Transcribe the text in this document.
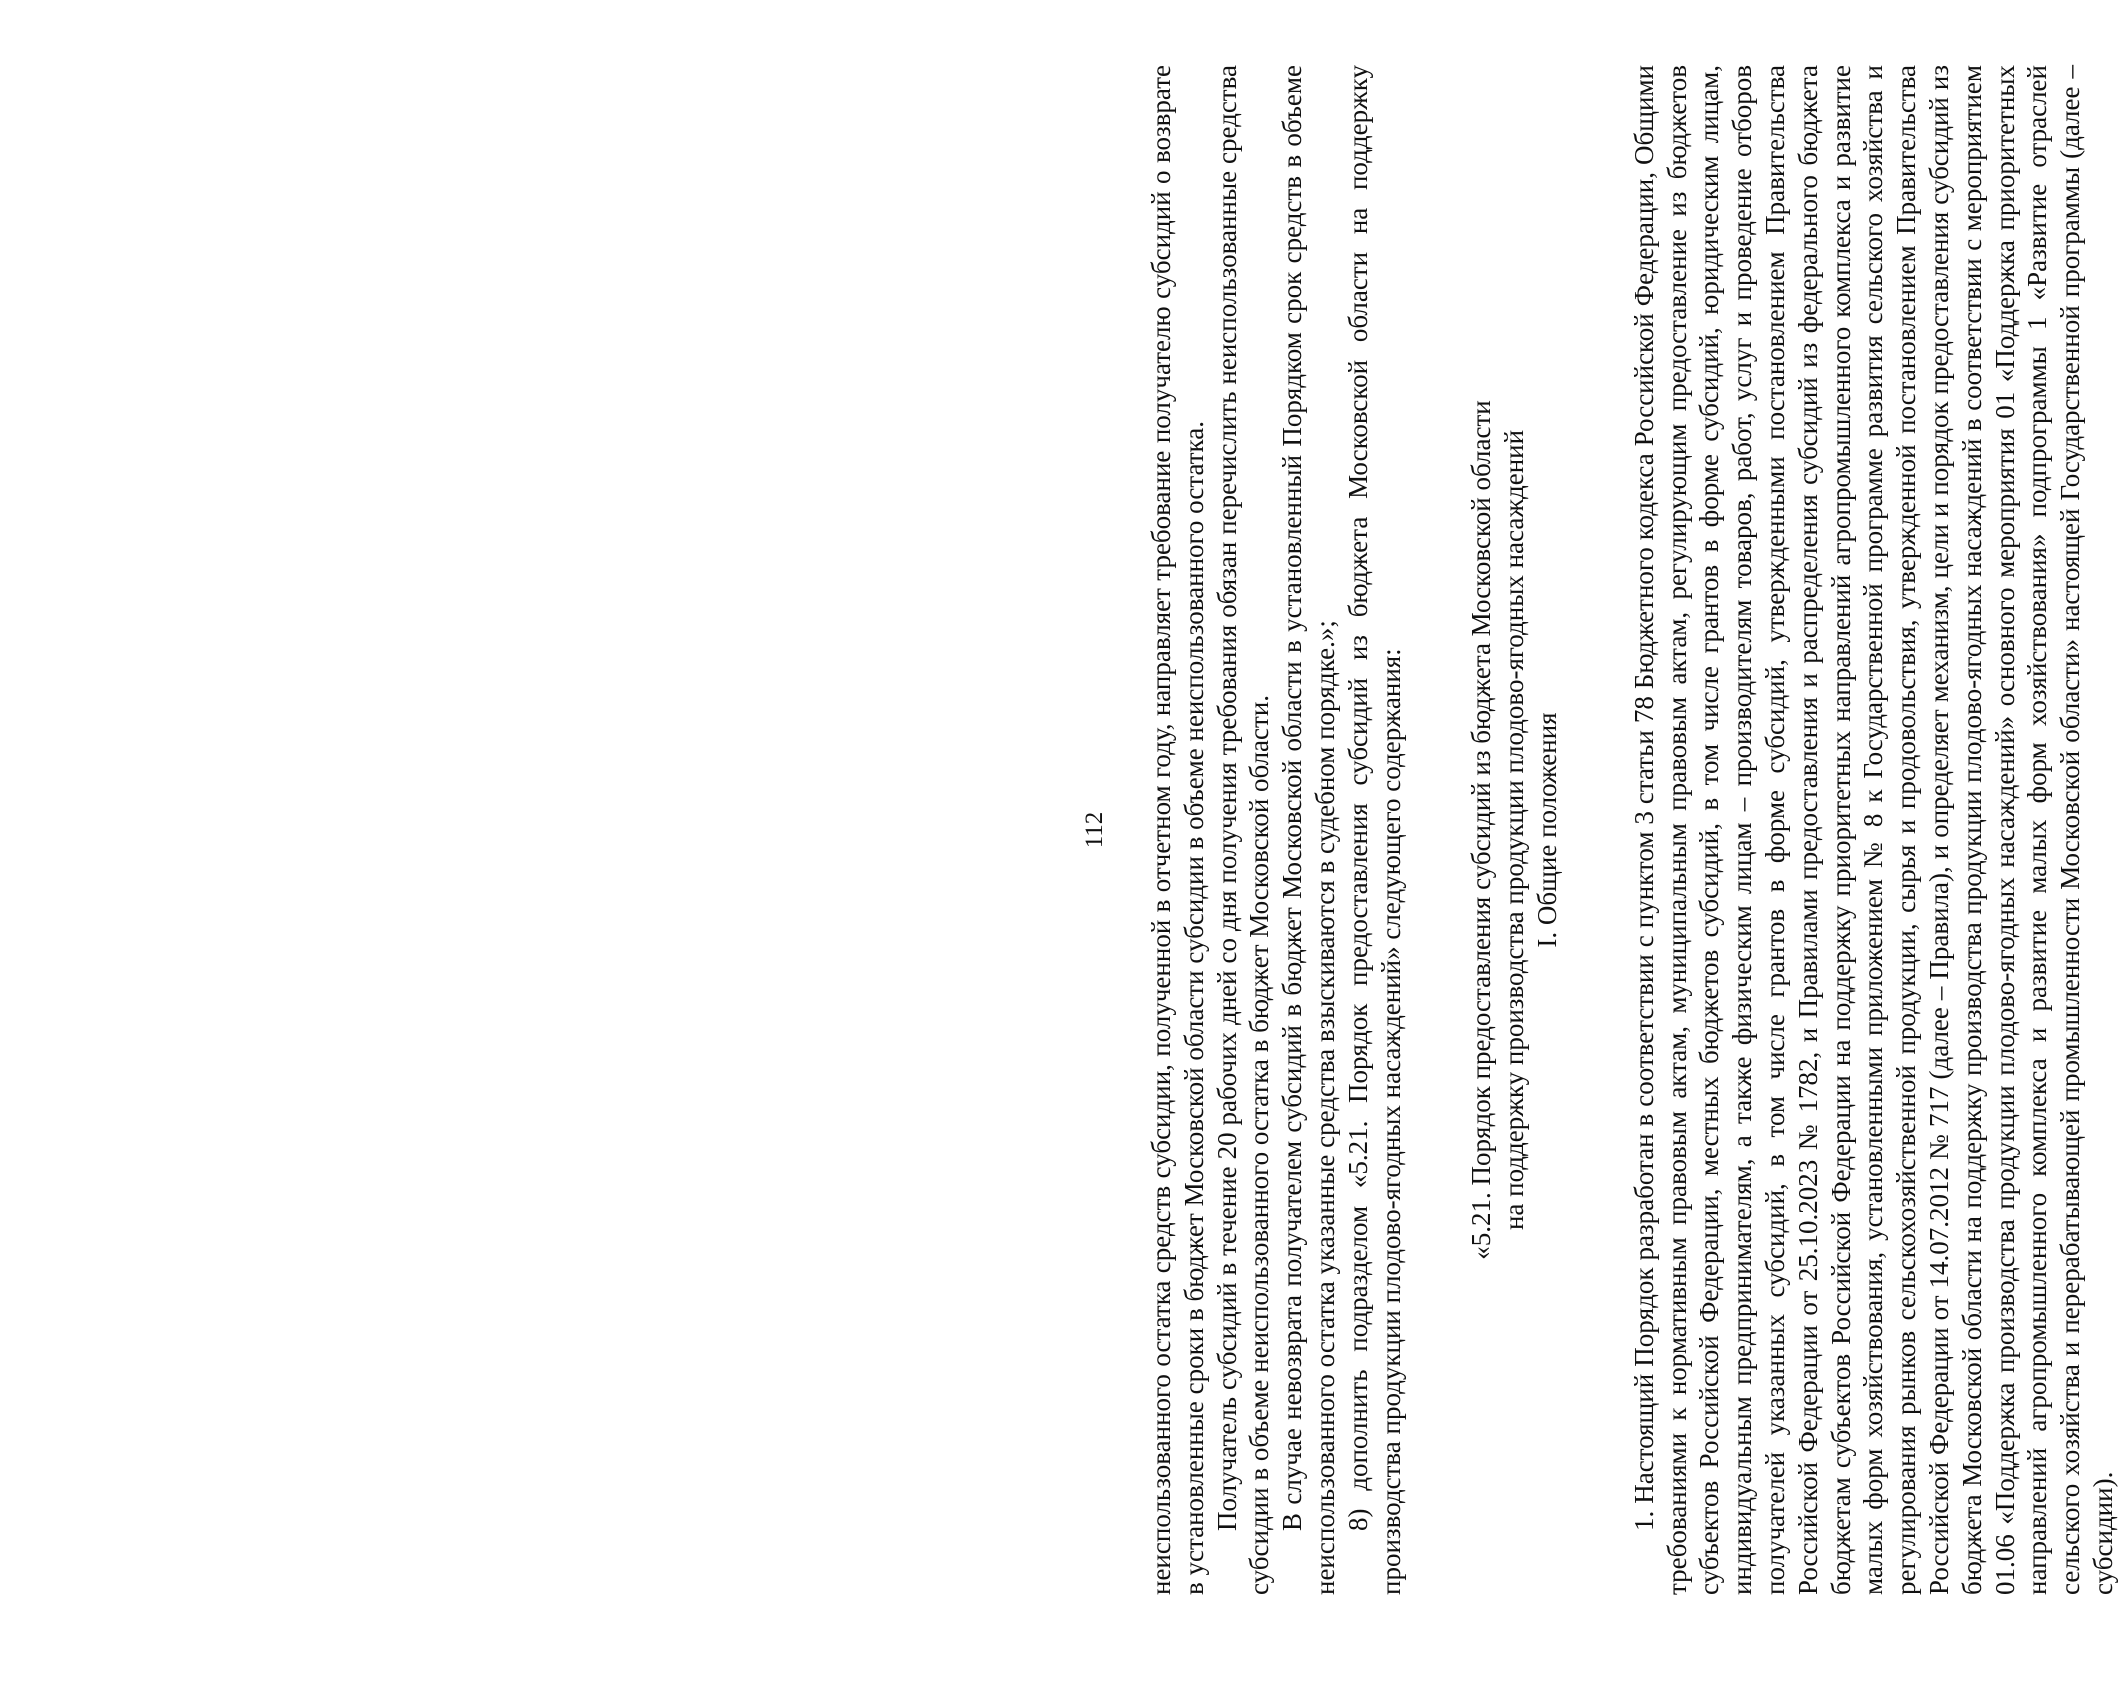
112 неиспользованного остатка средств субсидии, полученной в отчетном году, направляет требование получателю субсидий о возврате в установленные сроки в бюджет Московской области субсидии в объеме неиспользованного остатка. Получатель субсидий в течение 20 рабочих дней со дня получения требования обязан перечислить неиспользованные средства субсидии в объеме неиспользованного остатка в бюджет Московской области. В случае невозврата получателем субсидий в бюджет Московской области в установленный Порядком срок средств в объеме неиспользованного остатка указанные средства взыскиваются в судебном порядке.»; 8) дополнить подразделом «5.21. Порядок предоставления субсидий из бюджета Московской области на поддержку производства продукции плодово-ягодных насаждений» следующего содержания: «5.21. Порядок предоставления субсидий из бюджета Московской области на поддержку производства продукции плодово-ягодных насаждений I. Общие положения 1. Настоящий Порядок разработан в соответствии с пунктом 3 статьи 78 Бюджетного кодекса Российской Федерации, Общими требованиями к нормативным правовым актам, муниципальным правовым актам, регулирующим предоставление из бюджетов субъектов Российской Федерации, местных бюджетов субсидий, в том числе грантов в форме субсидий, юридическим лицам, индивидуальным предпринимателям, а также физическим лицам – производителям товаров, работ, услуг и проведение отборов получателей указанных субсидий, в том числе грантов в форме субсидий, утвержденными постановлением Правительства Российской Федерации от 25.10.2023 № 1782, и Правилами предоставления и распределения субсидий из федерального бюджета бюджетам субъектов Российской Федерации на поддержку приоритетных направлений агропромышленного комплекса и развитие малых форм хозяйствования, установленными приложением № 8 к Государственной программе развития сельского хозяйства и регулирования рынков сельскохозяйственной продукции, сырья и продовольствия, утвержденной постановлением Правительства Российской Федерации от 14.07.2012 № 717 (далее – Правила), и определяет механизм, цели и порядок предоставления субсидий из бюджета Московской области на поддержку производства продукции плодово-ягодных насаждений в соответствии с мероприятием 01.06 «Поддержка производства продукции плодово-ягодных насаждений» основного мероприятия 01 «Поддержка приоритетных направлений агропромышленного комплекса и развитие малых форм хозяйствования» подпрограммы 1 «Развитие отраслей сельского хозяйства и перерабатывающей промышленности Московской области» настоящей Государственной программы (далее – субсидии).
